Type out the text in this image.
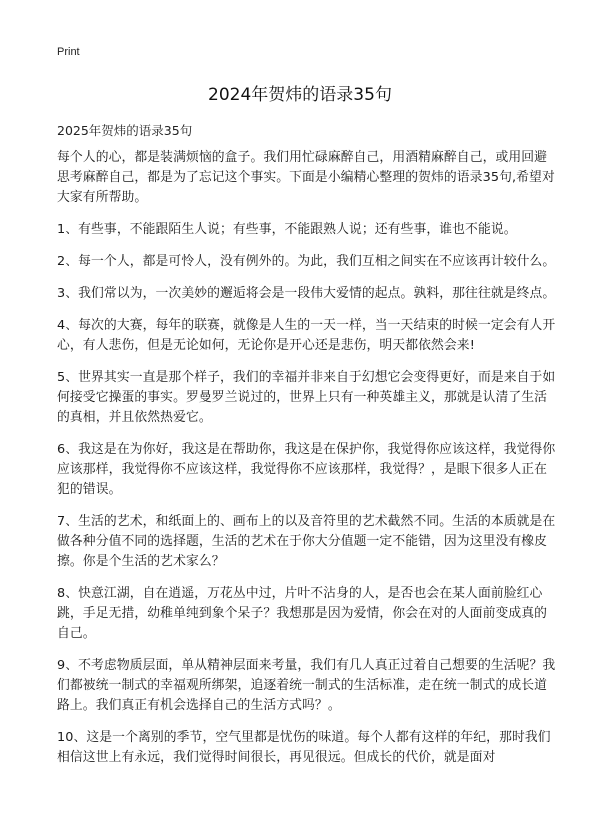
Print
2024年贺炜的语录35句
2025年贺炜的语录35句

每个人的心，都是装满烦恼的盒子。我们用忙碌麻醉自己，用酒精麻醉自己，或用回避思考麻醉自己，都是为了忘记这个事实。下面是小编精心整理的贺炜的语录35句,希望对大家有所帮助。

1、有些事，不能跟陌生人说；有些事，不能跟熟人说；还有些事，谁也不能说。

2、每一个人，都是可怜人，没有例外的。为此，我们互相之间实在不应该再计较什么。

3、我们常以为，一次美妙的邂逅将会是一段伟大爱情的起点。孰料，那往往就是终点。

4、每次的大赛，每年的联赛，就像是人生的一天一样，当一天结束的时候一定会有人开心，有人悲伤，但是无论如何，无论你是开心还是悲伤，明天都依然会来!

5、世界其实一直是那个样子，我们的幸福并非来自于幻想它会变得更好，而是来自于如何接受它操蛋的事实。罗曼罗兰说过的，世界上只有一种英雄主义，那就是认清了生活的真相，并且依然热爱它。

6、我这是在为你好，我这是在帮助你，我这是在保护你，我觉得你应该这样，我觉得你应该那样，我觉得你不应该这样，我觉得你不应该那样，我觉得？，是眼下很多人正在犯的错误。

7、生活的艺术，和纸面上的、画布上的以及音符里的艺术截然不同。生活的本质就是在做各种分值不同的选择题，生活的艺术在于你大分值题一定不能错，因为这里没有橡皮擦。你是个生活的艺术家么？

8、快意江湖，自在逍遥，万花丛中过，片叶不沾身的人，是否也会在某人面前脸红心跳，手足无措，幼稚单纯到象个呆子？我想那是因为爱情，你会在对的人面前变成真的自己。

9、不考虑物质层面，单从精神层面来考量，我们有几人真正过着自己想要的生活呢？我们都被统一制式的幸福观所绑架，追逐着统一制式的生活标准，走在统一制式的成长道路上。我们真正有机会选择自己的生活方式吗？。

10、这是一个离别的季节，空气里都是忧伤的味道。每个人都有这样的年纪，那时我们相信这世上有永远，我们觉得时间很长，再见很远。但成长的代价，就是面对
